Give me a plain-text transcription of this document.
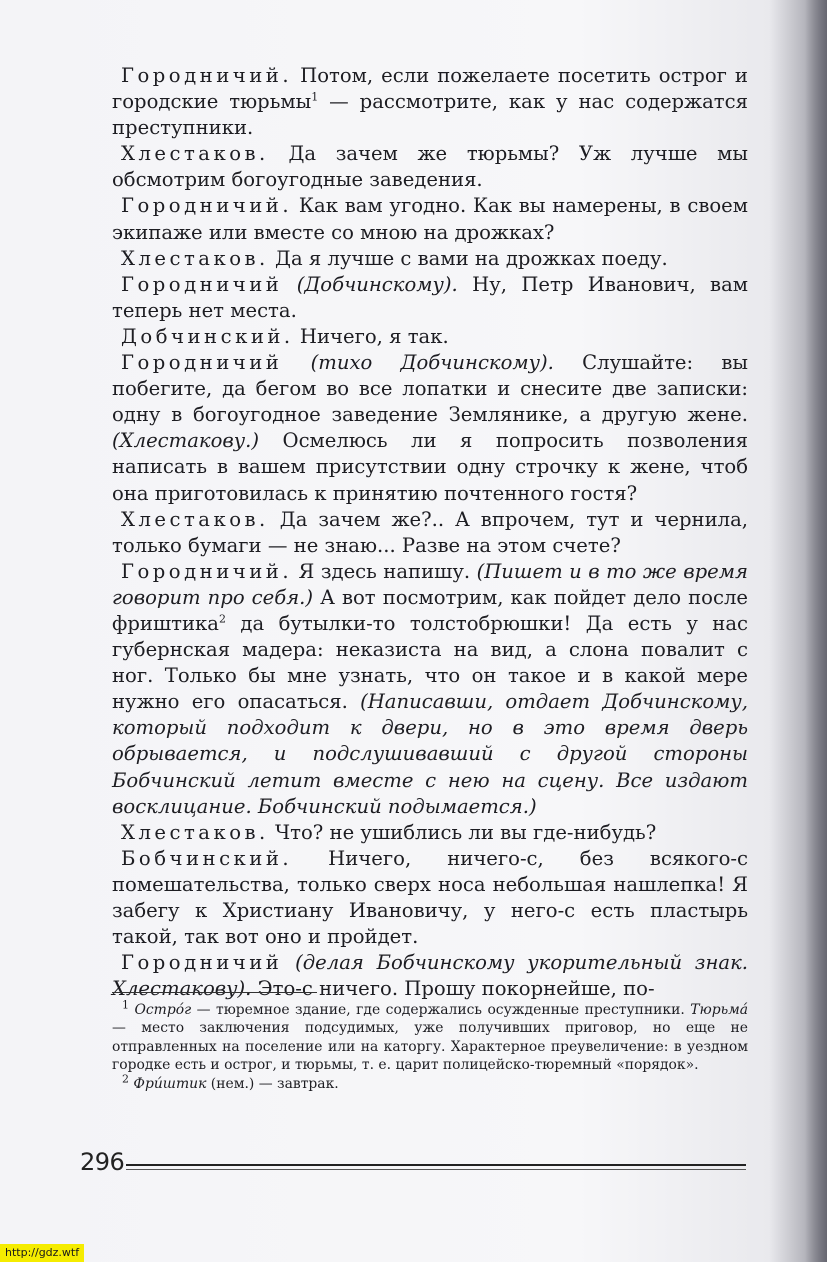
Городничий. Потом, если пожелаете посетить острог и городские тюрьмы$^1$ — рассмотрите, как у нас содержатся преступники.

Хлестаков. Да зачем же тюрьмы? Уж лучше мы обсмотрим богоугодные заведения.

Городничий. Как вам угодно. Как вы намерены, в своем экипаже или вместе со мною на дрожках?

Хлестаков. Да я лучше с вами на дрожках поеду.

Городничий (Добчинскому). Ну, Петр Иванович, вам теперь нет места.

Добчинский. Ничего, я так.

Городничий (тихо Добчинскому). Слушайте: вы побегите, да бегом во все лопатки и снесите две записки: одну в богоугодное заведение Землянике, а другую жене. (Хлестакову.) Осмелюсь ли я попросить позволения написать в вашем присутствии одну строчку к жене, чтоб она приготовилась к принятию почтенного гостя?

Хлестаков. Да зачем же?.. А впрочем, тут и чернила, только бумаги — не знаю... Разве на этом счете?

Городничий. Я здесь напишу. (Пишет и в то же время говорит про себя.) А вот посмотрим, как пойдет дело после фриштика$^2$ да бутылки-то толстобрюшки! Да есть у нас губернская мадера: неказиста на вид, а слона повалит с ног. Только бы мне узнать, что он такое и в какой мере нужно его опасаться. (Написавши, отдает Добчинскому, который подходит к двери, но в это время дверь обрывается, и подслушивавший с другой стороны Бобчинский летит вместе с нею на сцену. Все издают восклицание. Бобчинский подымается.)

Хлестаков. Что? не ушиблись ли вы где-нибудь?

Бобчинский. Ничего, ничего-с, без всякого-с помешательства, только сверх носа небольшая нашлепка! Я забегу к Христиану Ивановичу, у него-с есть пластырь такой, так вот оно и пройдет.

Городничий (делая Бобчинскому укорительный знак. Хлестакову). Это-с ничего. Прошу покорнейше, по-

$^1$ Острóг — тюремное здание, где содержались осужденные преступники. Тюрьмá — место заключения подсудимых, уже получивших приговор, но еще не отправленных на поселение или на каторгу. Характерное преувеличение: в уездном городке есть и острог, и тюрьмы, т. е. царит полицейско-тюремный «порядок».

$^2$ Фрúштик (нем.) — завтрак.

296
http://gdz.wtf
